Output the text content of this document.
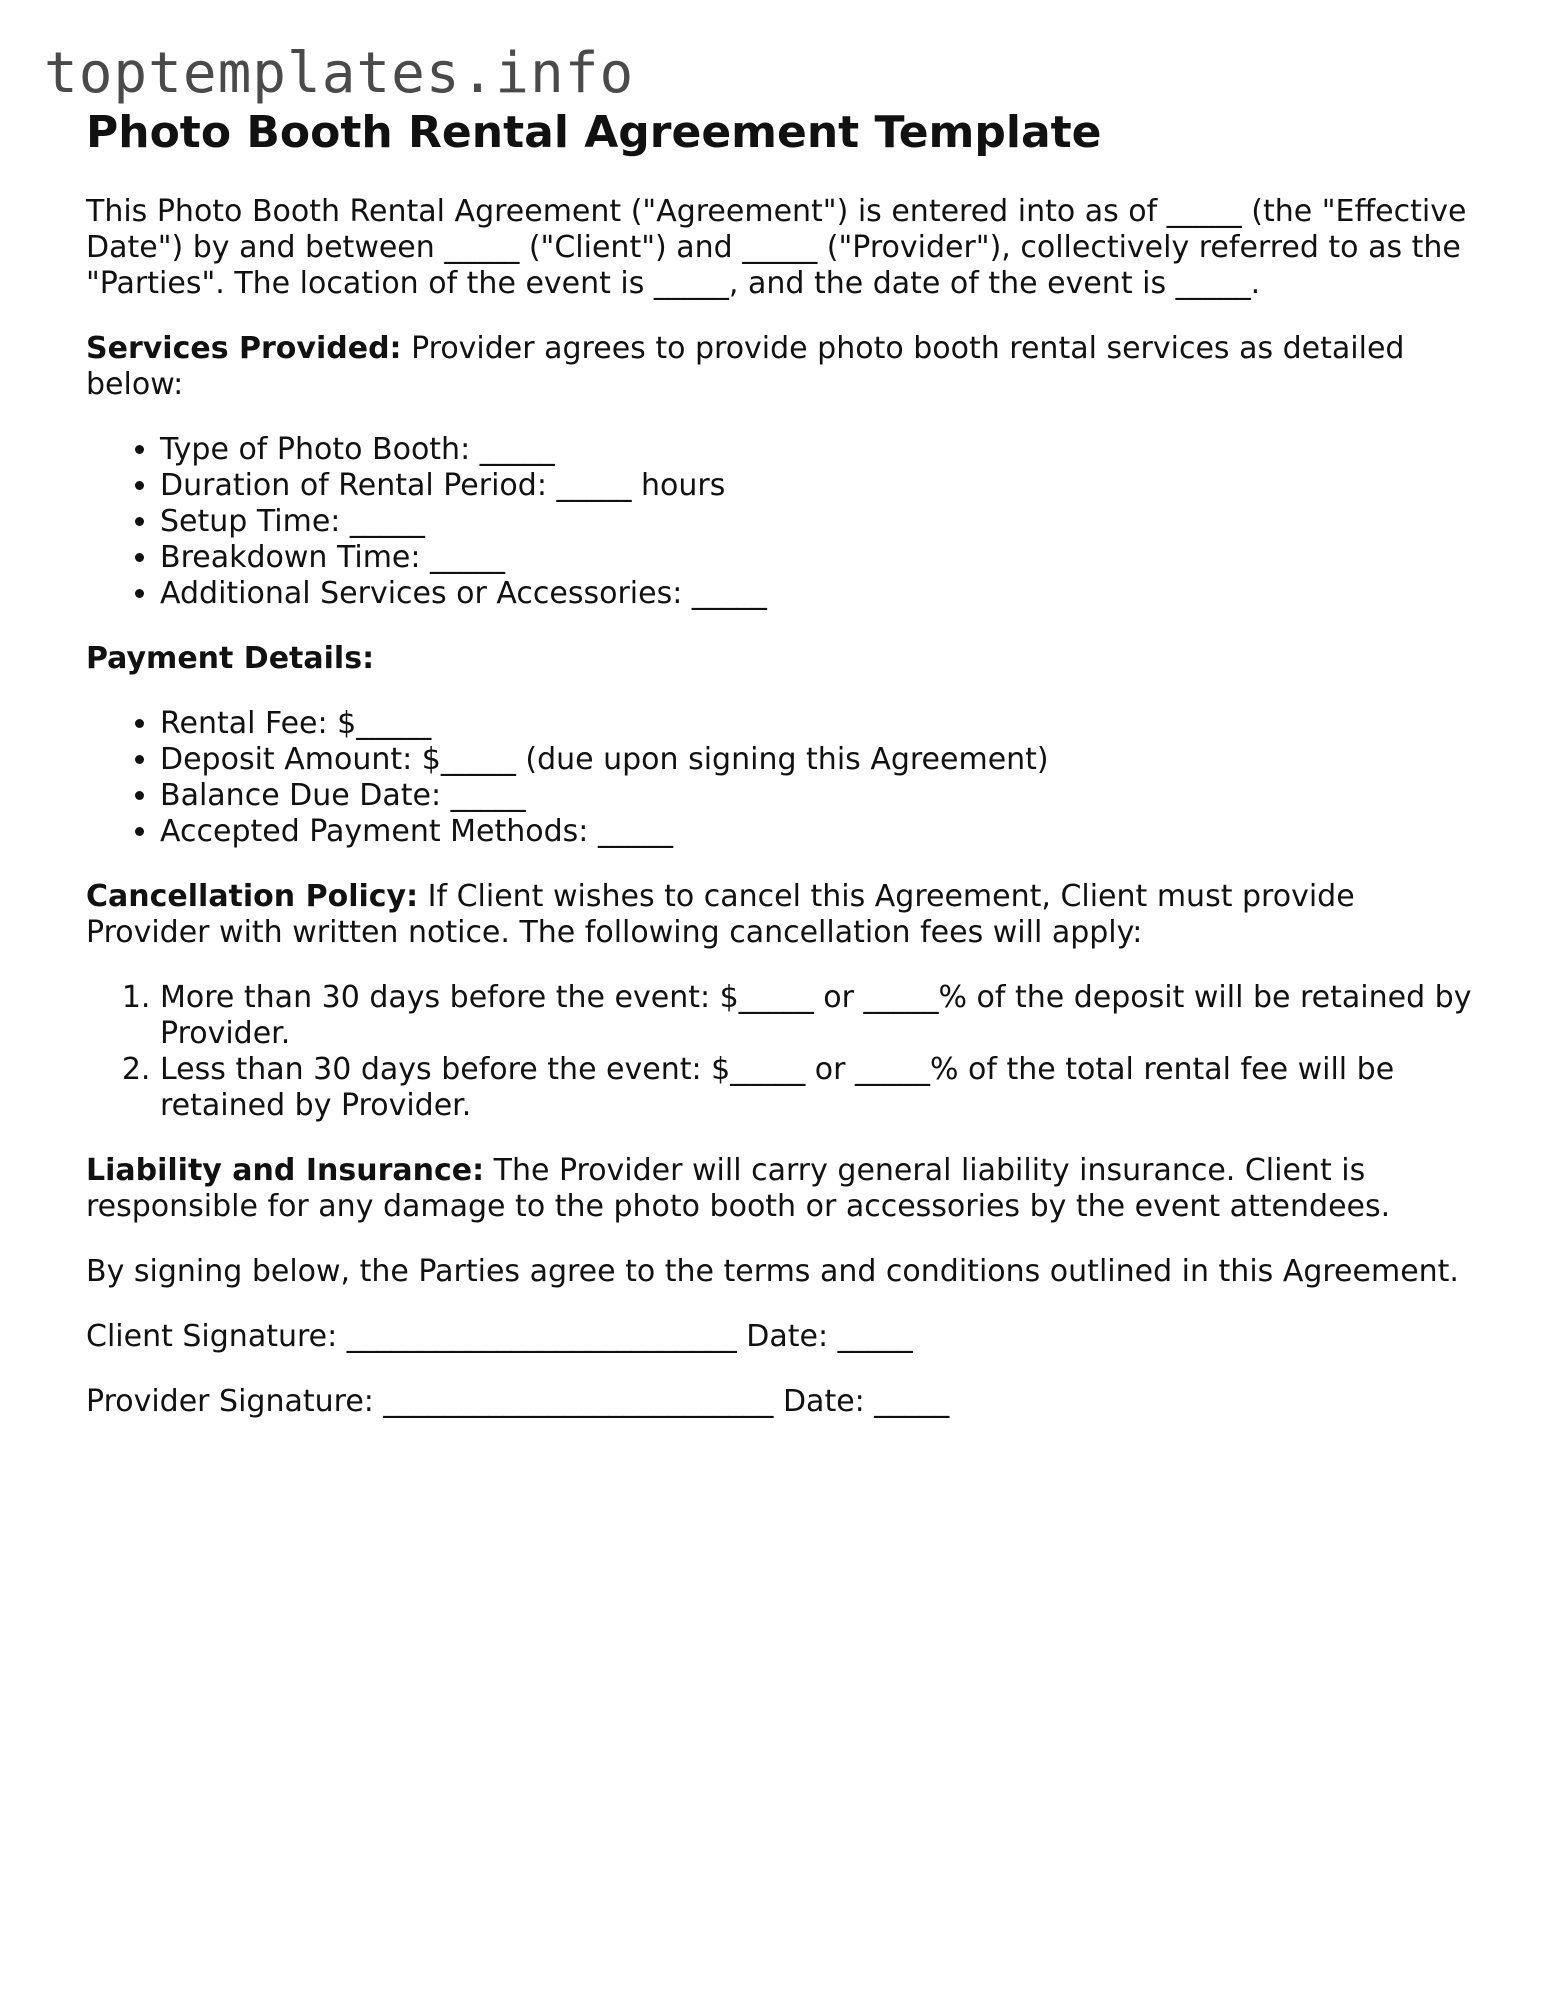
toptemplates.info
Photo Booth Rental Agreement Template

This Photo Booth Rental Agreement ("Agreement") is entered into as of _____ (the "Effective Date") by and between _____ ("Client") and _____ ("Provider"), collectively referred to as the "Parties". The location of the event is _____, and the date of the event is _____.

Services Provided: Provider agrees to provide photo booth rental services as detailed below:

• Type of Photo Booth: _____
• Duration of Rental Period: _____ hours
• Setup Time: _____
• Breakdown Time: _____
• Additional Services or Accessories: _____

Payment Details:

• Rental Fee: $_____
• Deposit Amount: $_____ (due upon signing this Agreement)
• Balance Due Date: _____
• Accepted Payment Methods: _____

Cancellation Policy: If Client wishes to cancel this Agreement, Client must provide Provider with written notice. The following cancellation fees will apply:

1. More than 30 days before the event: $_____ or _____% of the deposit will be retained by Provider.
2. Less than 30 days before the event: $_____ or _____% of the total rental fee will be retained by Provider.

Liability and Insurance: The Provider will carry general liability insurance. Client is responsible for any damage to the photo booth or accessories by the event attendees.

By signing below, the Parties agree to the terms and conditions outlined in this Agreement.

Client Signature: __________________________ Date: _____

Provider Signature: __________________________ Date: _____
